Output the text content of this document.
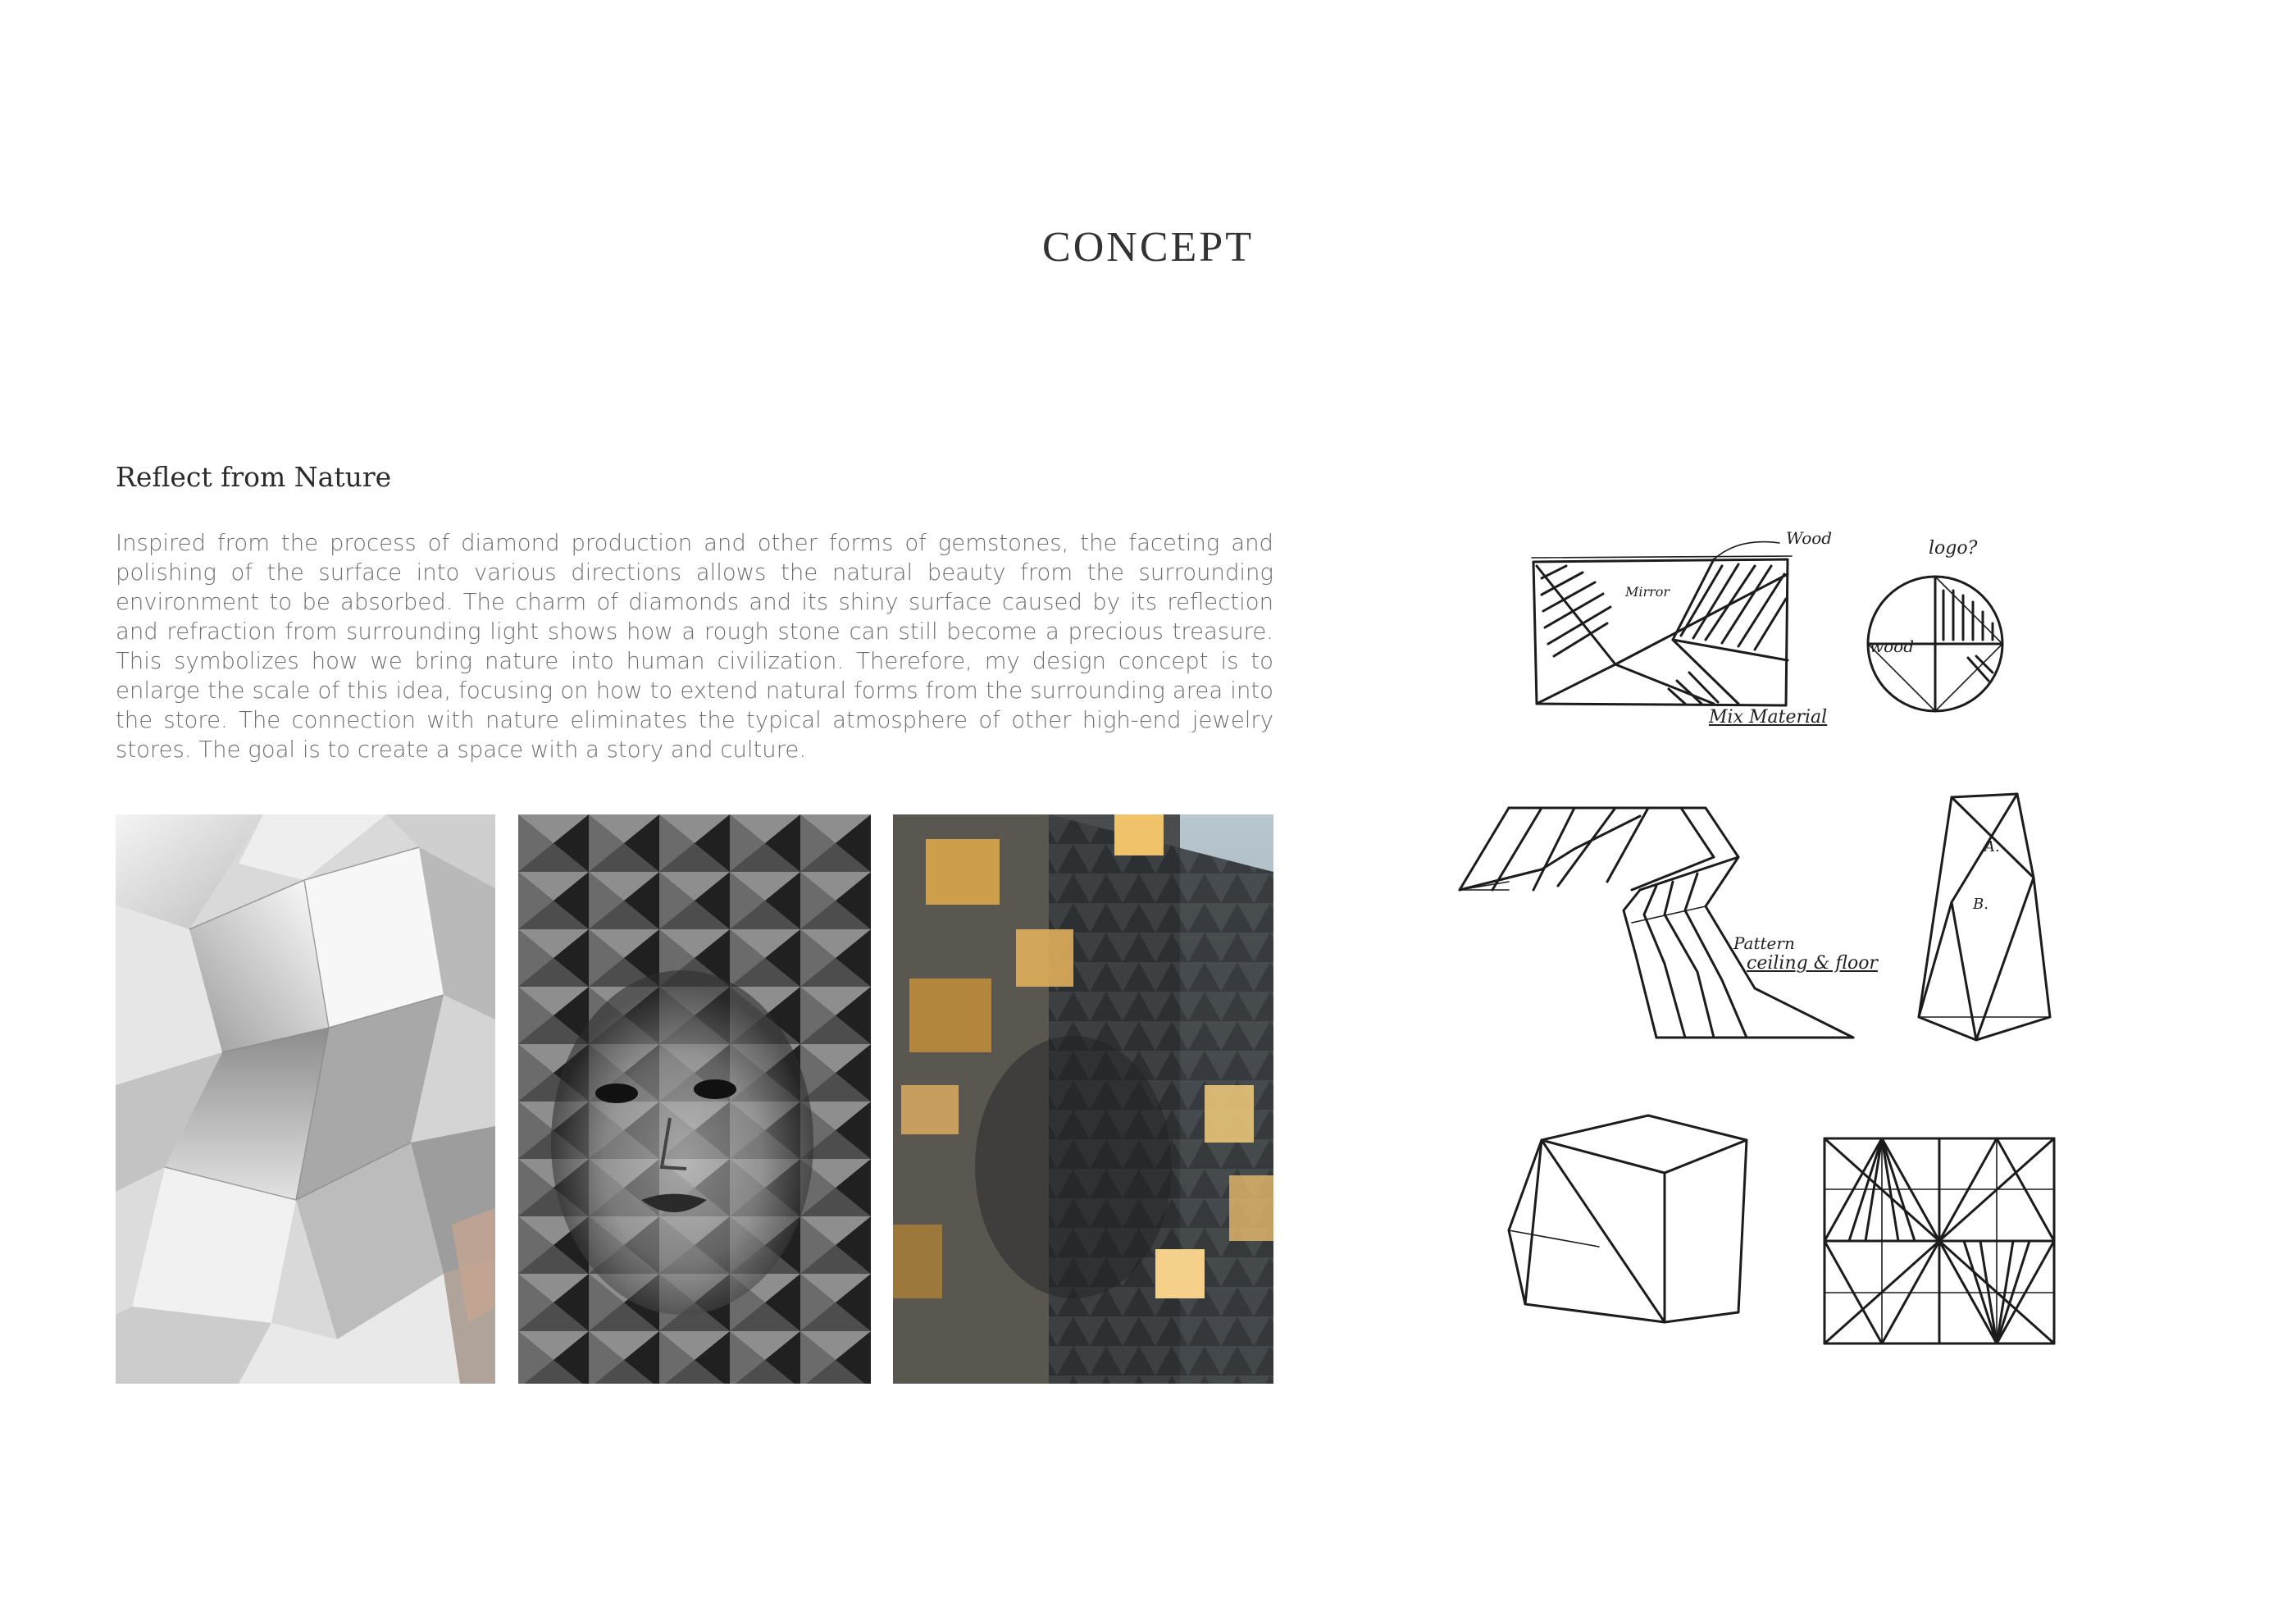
CONCEPT
Reflect from Nature
Inspired from the process of diamond production and other forms of gemstones, the faceting and polishing of the surface into various directions allows the natural beauty from the surrounding environment to be absorbed. The charm of diamonds and its shiny surface caused by its reflection and refraction from surrounding light shows how a rough stone can still become a precious treasure. This symbolizes how we bring nature into human civilization. Therefore, my design concept is to enlarge the scale of this idea, focusing on how to extend natural forms from the surrounding area into the store. The connection with nature eliminates the typical atmosphere of other high-end jewelry stores. The goal is to create a space with a story and culture.
Wood
Mirror
Mix Material
logo?
wood
Pattern
ceiling & floor
A.
B.
